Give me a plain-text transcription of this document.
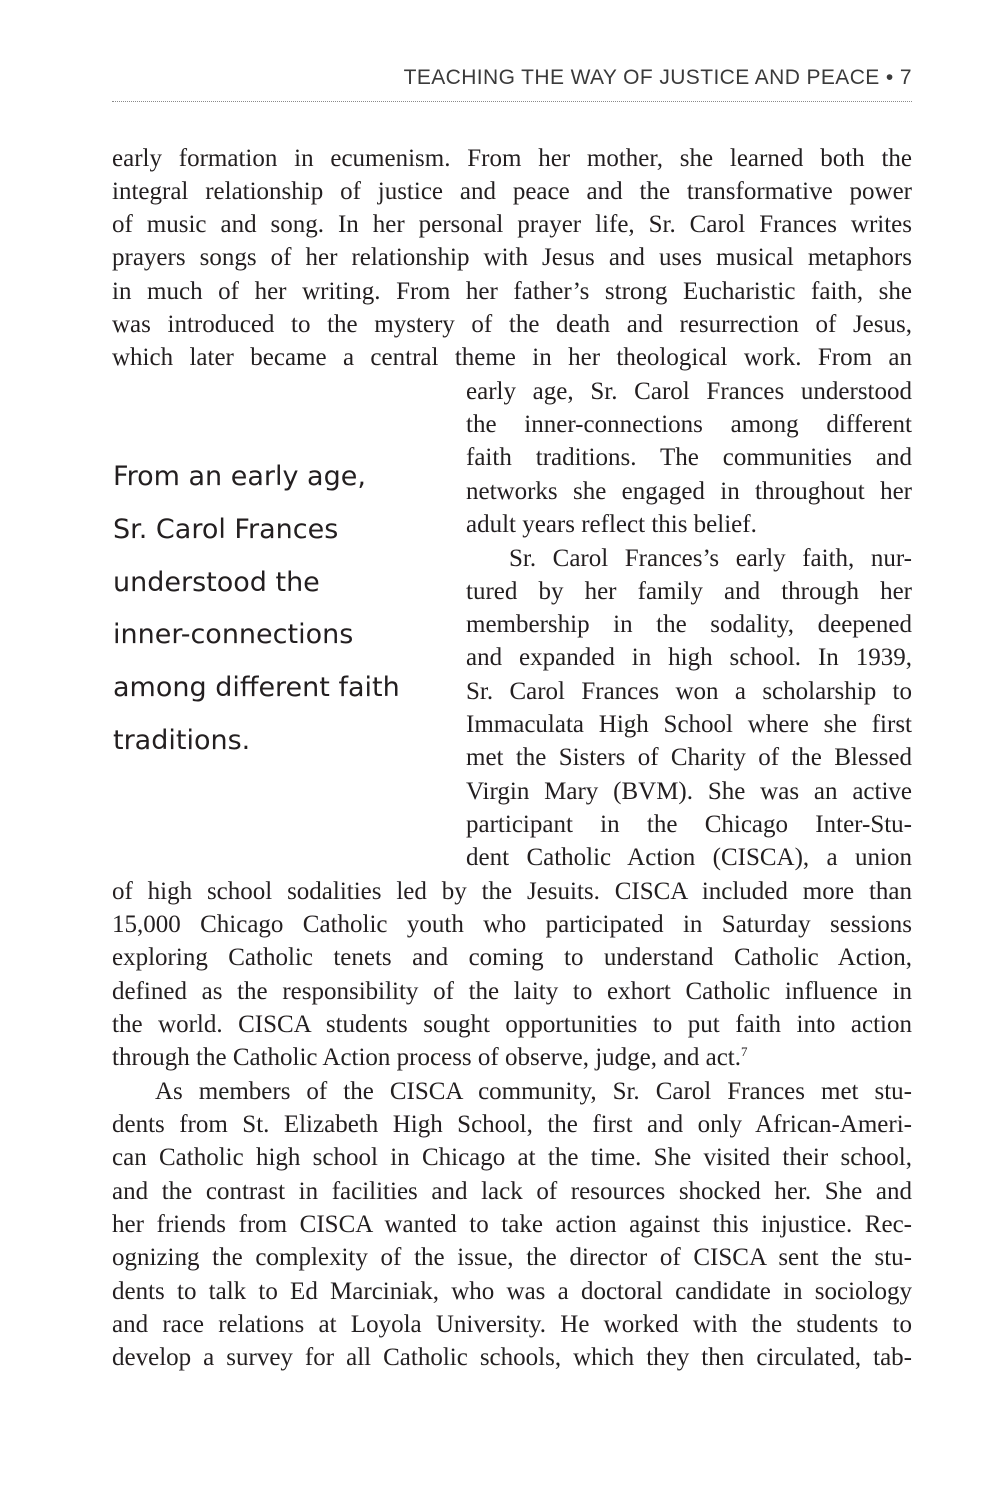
TEACHING THE WAY OF JUSTICE AND PEACE • 7
early formation in ecumenism. From her mother, she learned both the
integral relationship of justice and peace and the transformative power
of music and song. In her personal prayer life, Sr. Carol Frances writes
prayers songs of her relationship with Jesus and uses musical metaphors
in much of her writing. From her father’s strong Eucharistic faith, she
was introduced to the mystery of the death and resurrection of Jesus,
which later became a central theme in her theological work. From an
early age, Sr. Carol Frances understood
the inner-connections among different
faith traditions. The communities and
networks she engaged in throughout her
adult years reflect this belief.
From an early age,
Sr. Carol Frances
understood the
inner-connections
among different faith
traditions.
Sr. Carol Frances’s early faith, nur-
tured by her family and through her
membership in the sodality, deepened
and expanded in high school. In 1939,
Sr. Carol Frances won a scholarship to
Immaculata High School where she first
met the Sisters of Charity of the Blessed
Virgin Mary (BVM). She was an active
participant in the Chicago Inter-Stu-
dent Catholic Action (CISCA), a union
of high school sodalities led by the Jesuits. CISCA included more than
15,000 Chicago Catholic youth who participated in Saturday sessions
exploring Catholic tenets and coming to understand Catholic Action,
defined as the responsibility of the laity to exhort Catholic influence in
the world. CISCA students sought opportunities to put faith into action
through the Catholic Action process of observe, judge, and act.$^7$
As members of the CISCA community, Sr. Carol Frances met stu-
dents from St. Elizabeth High School, the first and only African-Ameri-
can Catholic high school in Chicago at the time. She visited their school,
and the contrast in facilities and lack of resources shocked her. She and
her friends from CISCA wanted to take action against this injustice. Rec-
ognizing the complexity of the issue, the director of CISCA sent the stu-
dents to talk to Ed Marciniak, who was a doctoral candidate in sociology
and race relations at Loyola University. He worked with the students to
develop a survey for all Catholic schools, which they then circulated, tab-
